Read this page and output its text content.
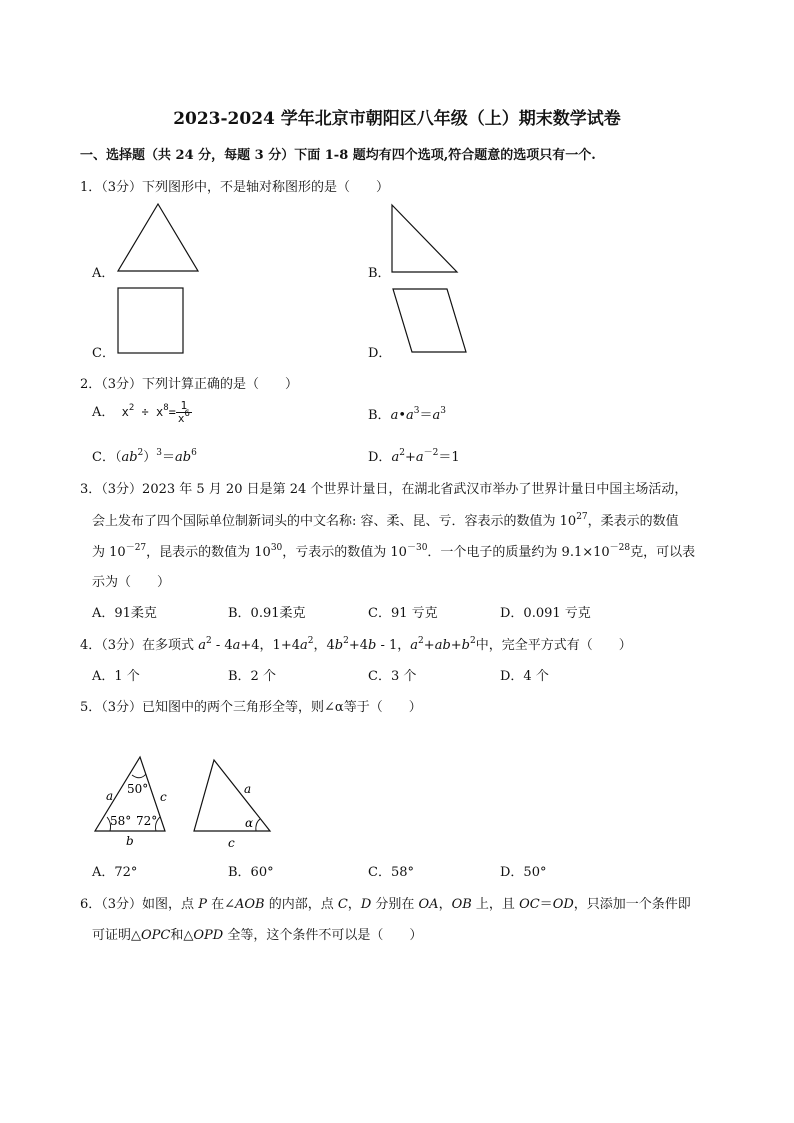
2023-2024 学年北京市朝阳区八年级（上）期末数学试卷
一、选择题（共 24 分，每题 3 分）下面 1-8 题均有四个选项,符合题意的选项只有一个.
1．（3分）下列图形中，不是轴对称图形的是（　　）
A．	B．
C．	D．
2．（3分）下列计算正确的是（　　）
A． $x^2 \div x^8= \frac{1}{x^6}$	B．$a•a^3=a^3$
C．$(ab^2)^3=ab^6$	D．$a^2+a^{-2}=1$
3．（3分）2023 年 5 月 20 日是第 24 个世界计量日，在湖北省武汉市举办了世界计量日中国主场活动，
会上发布了四个国际单位制新词头的中文名称: 容、柔、昆、亏．容表示的数值为 $10^{27}$，柔表示的数值
为 $10^{-27}$，昆表示的数值为 $10^{30}$，亏表示的数值为 $10^{-30}$．一个电子的质量约为 $9.1\times 10^{-28}$克，可以表
示为（　　）
A．91柔克	B．0.91柔克	C．91 亏克	D．0.091 亏克
4．（3分）在多项式 $a^2 - 4a+4$，$1+4a^2$，$4b^2+4b - 1$，$a^2+ab+b^2$中，完全平方式有（　　）
A．1 个	B．2 个	C．3 个	D．4 个
5．（3分）已知图中的两个三角形全等，则∠α等于（　　）
50°
58° 72°
a	c
b
α
a
c
A．72°	B．60°	C．58°	D．50°
6．（3分）如图，点 P 在∠AOB 的内部，点 C，D 分别在 OA，OB 上，且 OC＝OD，只添加一个条件即
可证明△OPC和△OPD 全等，这个条件不可以是（　　）
